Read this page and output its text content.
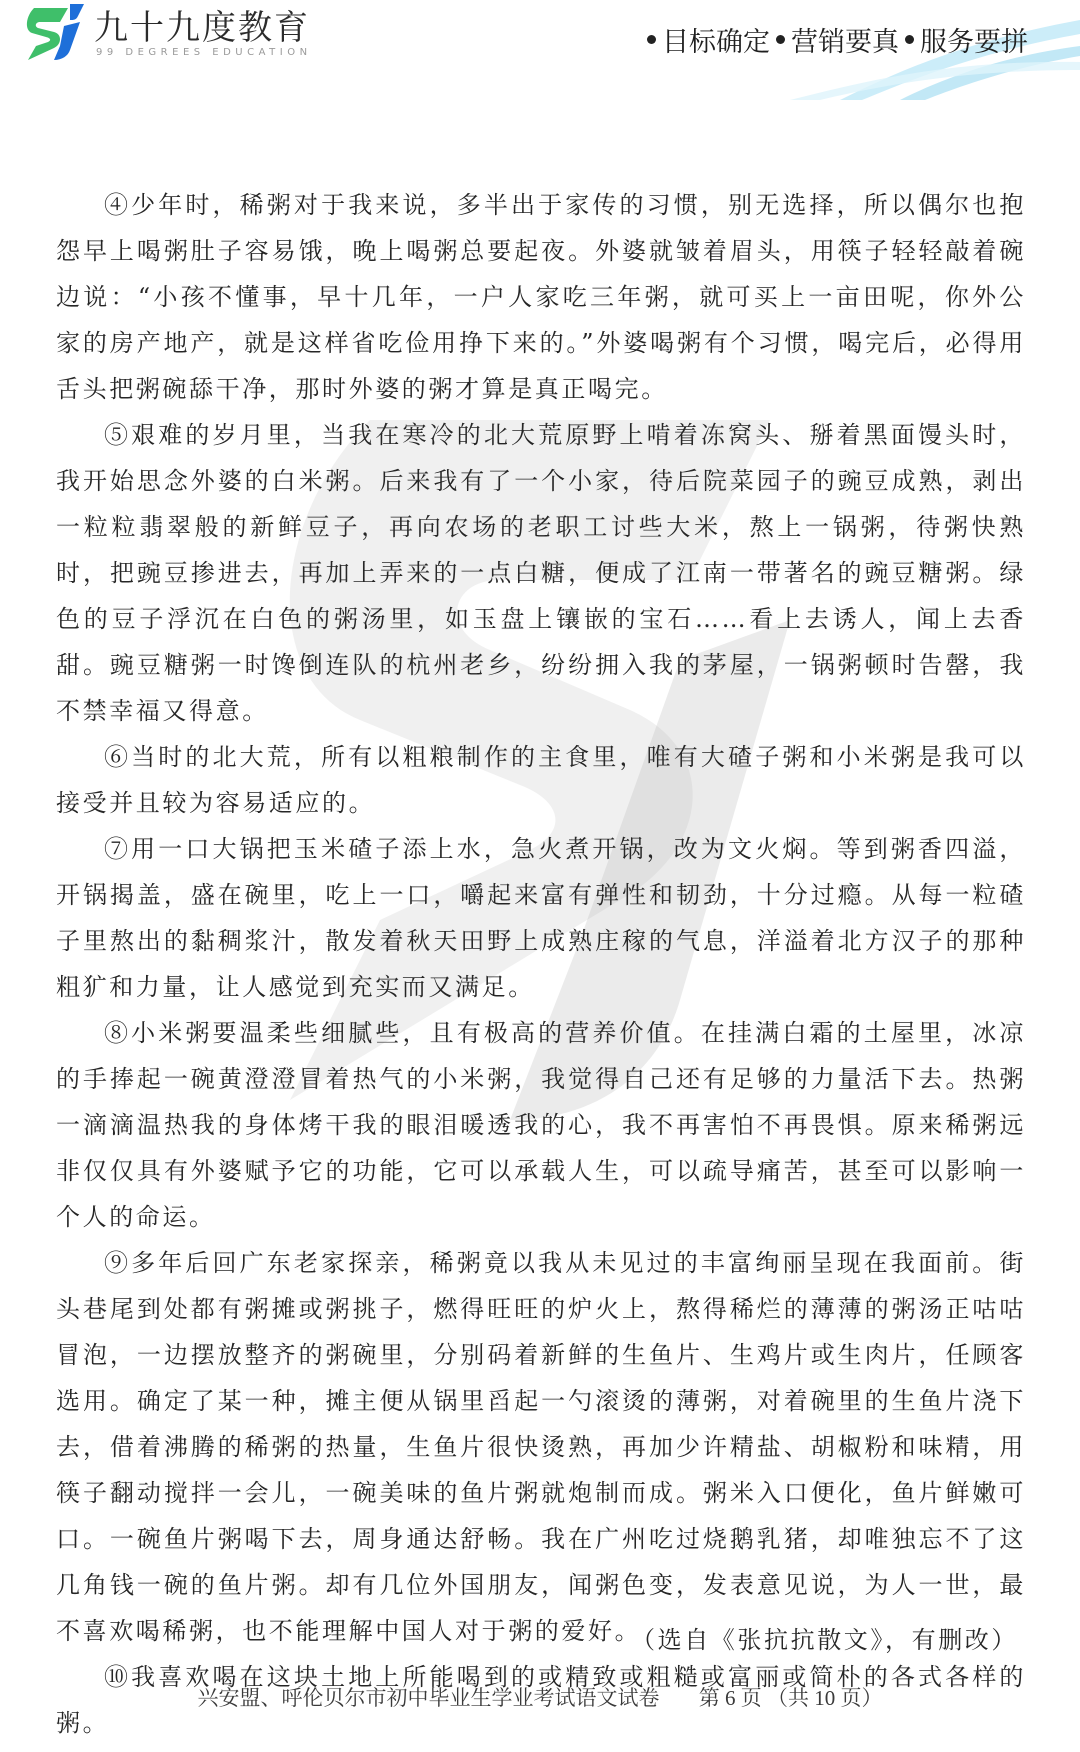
九十九度教育
99 DEGREES EDUCATION	目标确定 营销要真 服务要拼

④少年时，稀粥对于我来说，多半出于家传的习惯，别无选择，所以偶尔也抱怨早上喝粥肚子容易饿，晚上喝粥总要起夜。外婆就皱着眉头，用筷子轻轻敲着碗边说：“小孩不懂事，早十几年，一户人家吃三年粥，就可买上一亩田呢，你外公家的房产地产，就是这样省吃俭用挣下来的。”外婆喝粥有个习惯，喝完后，必得用舌头把粥碗舔干净，那时外婆的粥才算是真正喝完。

⑤艰难的岁月里，当我在寒冷的北大荒原野上啃着冻窝头、掰着黑面馒头时，我开始思念外婆的白米粥。后来我有了一个小家，待后院菜园子的豌豆成熟，剥出一粒粒翡翠般的新鲜豆子，再向农场的老职工讨些大米，熬上一锅粥，待粥快熟时，把豌豆掺进去，再加上弄来的一点白糖，便成了江南一带著名的豌豆糖粥。绿色的豆子浮沉在白色的粥汤里，如玉盘上镶嵌的宝石……看上去诱人，闻上去香甜。豌豆糖粥一时馋倒连队的杭州老乡，纷纷拥入我的茅屋，一锅粥顿时告罄，我不禁幸福又得意。

⑥当时的北大荒，所有以粗粮制作的主食里，唯有大碴子粥和小米粥是我可以接受并且较为容易适应的。

⑦用一口大锅把玉米碴子添上水，急火煮开锅，改为文火焖。等到粥香四溢，开锅揭盖，盛在碗里，吃上一口，嚼起来富有弹性和韧劲，十分过瘾。从每一粒碴子里熬出的黏稠浆汁，散发着秋天田野上成熟庄稼的气息，洋溢着北方汉子的那种粗犷和力量，让人感觉到充实而又满足。

⑧小米粥要温柔些细腻些，且有极高的营养价值。在挂满白霜的土屋里，冰凉的手捧起一碗黄澄澄冒着热气的小米粥，我觉得自己还有足够的力量活下去。热粥一滴滴温热我的身体烤干我的眼泪暖透我的心，我不再害怕不再畏惧。原来稀粥远非仅仅具有外婆赋予它的功能，它可以承载人生，可以疏导痛苦，甚至可以影响一个人的命运。

⑨多年后回广东老家探亲，稀粥竟以我从未见过的丰富绚丽呈现在我面前。街头巷尾到处都有粥摊或粥挑子，燃得旺旺的炉火上，熬得稀烂的薄薄的粥汤正咕咕冒泡，一边摆放整齐的粥碗里，分别码着新鲜的生鱼片、生鸡片或生肉片，任顾客选用。确定了某一种，摊主便从锅里舀起一勺滚烫的薄粥，对着碗里的生鱼片浇下去，借着沸腾的稀粥的热量，生鱼片很快烫熟，再加少许精盐、胡椒粉和味精，用筷子翻动搅拌一会儿，一碗美味的鱼片粥就炮制而成。粥米入口便化，鱼片鲜嫩可口。一碗鱼片粥喝下去，周身通达舒畅。我在广州吃过烧鹅乳猪，却唯独忘不了这几角钱一碗的鱼片粥。却有几位外国朋友，闻粥色变，发表意见说，为人一世，最不喜欢喝稀粥，也不能理解中国人对于粥的爱好。

⑩我喜欢喝在这块土地上所能喝到的或精致或粗糙或富丽或简朴的各式各样的粥。

（选自《张抗抗散文》，有删改）
兴安盟、呼伦贝尔市初中毕业生学业考试语文试卷 第 6 页 （共 10 页）
